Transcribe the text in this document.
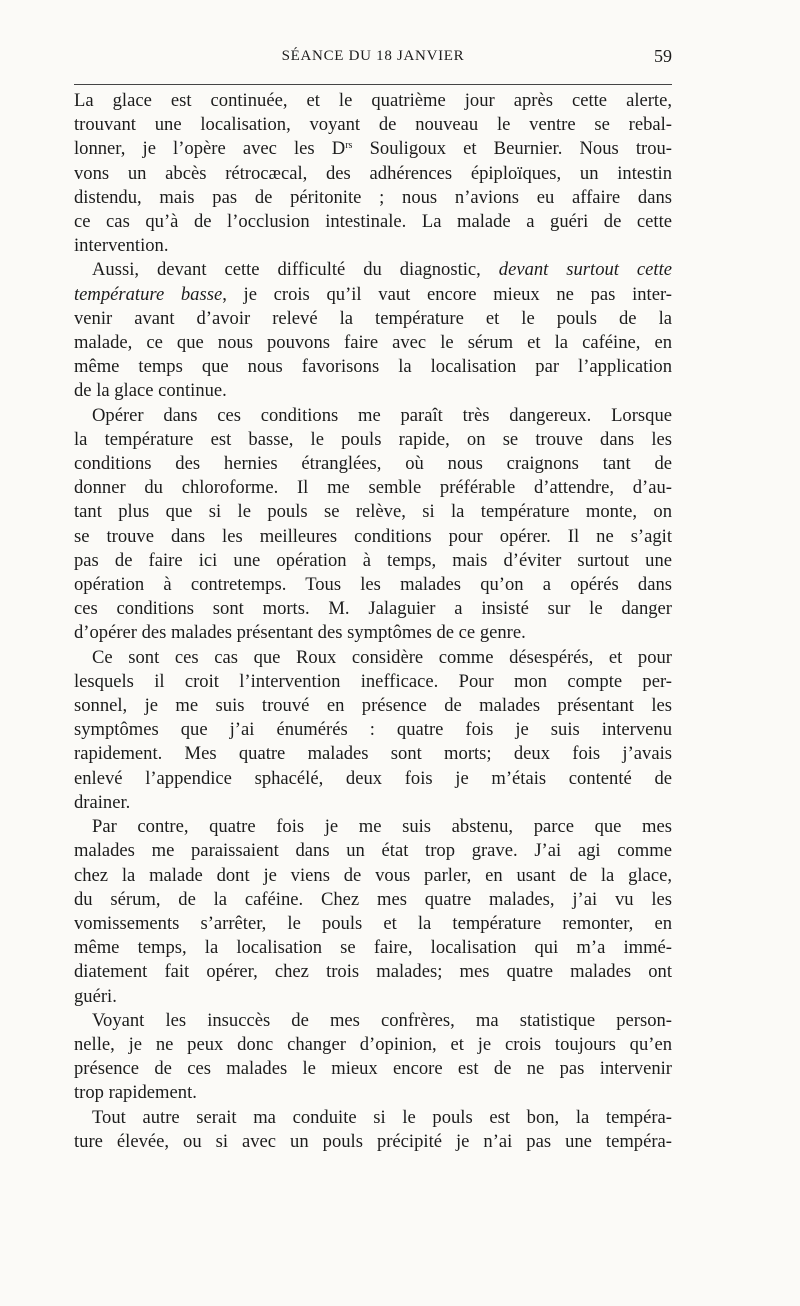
SÉANCE DU 18 JANVIER	59
La glace est continuée, et le quatrième jour après cette alerte,
trouvant une localisation, voyant de nouveau le ventre se rebal-
lonner, je l’opère avec les $D^{rs}$ Souligoux et Beurnier. Nous trou-
vons un abcès rétrocæcal, des adhérences épiploïques, un intestin
distendu, mais pas de péritonite ; nous n’avions eu affaire dans
ce cas qu’à de l’occlusion intestinale. La malade a guéri de cette
intervention.
Aussi, devant cette difficulté du diagnostic, devant surtout cette
température basse, je crois qu’il vaut encore mieux ne pas inter-
venir avant d’avoir relevé la température et le pouls de la
malade, ce que nous pouvons faire avec le sérum et la caféine, en
même temps que nous favorisons la localisation par l’application
de la glace continue.
Opérer dans ces conditions me paraît très dangereux. Lorsque
la température est basse, le pouls rapide, on se trouve dans les
conditions des hernies étranglées, où nous craignons tant de
donner du chloroforme. Il me semble préférable d’attendre, d’au-
tant plus que si le pouls se relève, si la température monte, on
se trouve dans les meilleures conditions pour opérer. Il ne s’agit
pas de faire ici une opération à temps, mais d’éviter surtout une
opération à contretemps. Tous les malades qu’on a opérés dans
ces conditions sont morts. M. Jalaguier a insisté sur le danger
d’opérer des malades présentant des symptômes de ce genre.
Ce sont ces cas que Roux considère comme désespérés, et pour
lesquels il croit l’intervention inefficace. Pour mon compte per-
sonnel, je me suis trouvé en présence de malades présentant les
symptômes que j’ai énumérés : quatre fois je suis intervenu
rapidement. Mes quatre malades sont morts; deux fois j’avais
enlevé l’appendice sphacélé, deux fois je m’étais contenté de
drainer.
Par contre, quatre fois je me suis abstenu, parce que mes
malades me paraissaient dans un état trop grave. J’ai agi comme
chez la malade dont je viens de vous parler, en usant de la glace,
du sérum, de la caféine. Chez mes quatre malades, j’ai vu les
vomissements s’arrêter, le pouls et la température remonter, en
même temps, la localisation se faire, localisation qui m’a immé-
diatement fait opérer, chez trois malades; mes quatre malades ont
guéri.
Voyant les insuccès de mes confrères, ma statistique person-
nelle, je ne peux donc changer d’opinion, et je crois toujours qu’en
présence de ces malades le mieux encore est de ne pas intervenir
trop rapidement.
Tout autre serait ma conduite si le pouls est bon, la tempéra-
ture élevée, ou si avec un pouls précipité je n’ai pas une tempéra-
